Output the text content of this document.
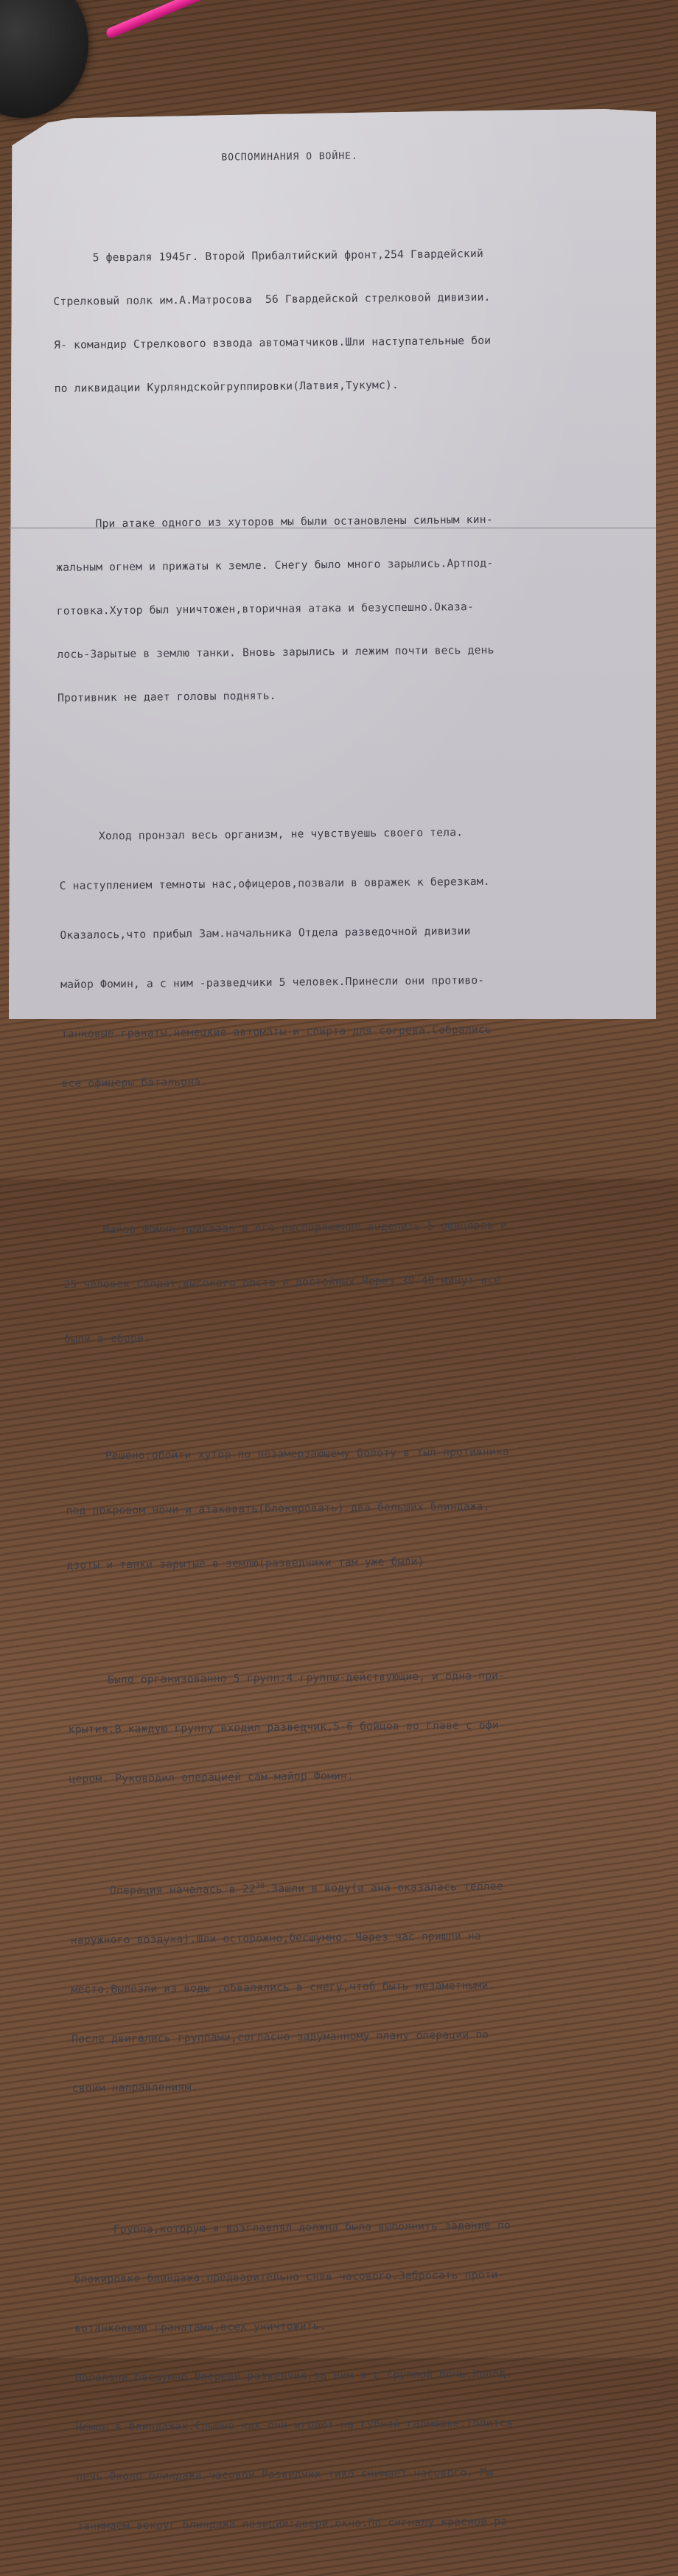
ВОСПОМИНАНИЯ О ВОЙНЕ.

5 февраля 1945г. Второй Прибалтийский фронт,254 Гвардейский

Стрелковый полк им.А.Матросова  56 Гвардейской стрелковой дивизии.

Я- командир Стрелкового взвода автоматчиков.Шли наступательные бои

по ликвидации Курляндскойгруппировки(Латвия,Тукумс).

При атаке одного из хуторов мы были остановлены сильным кин-

жальным огнем и прижаты к земле. Снегу было много зарылись.Артпод-

готовка.Хутор был уничтожен,вторичная атака и безуспешно.Оказа-

лось-Зарытые в землю танки. Вновь зарылись и лежим почти весь день

Противник не дает головы поднять.

Холод пронзал весь организм, не чувствуешь своего тела.

С наступлением темноты нас,офицеров,позвали в овражек к березкам.

Оказалось,что прибыл Зам.начальника Отдела разведочной дивизии

майор Фомин, а с ним -разведчики 5 человек.Принесли они противо-

танковые гранаты,немецкие автоматы и спирта для согрева.Собрались

все офицеры батальона.

Майор Фомин приказал в его распоряжение выделить 5 офицеров и

25 человек солдат,высокого роста и достойных.Через 30-40 минут все

были в сборе.

Решено:обойти хутор по незамерзающему болоту в тыл противника

под покровом ночи и атаковать(блокировать) два больших блиндажа,

дзоты и танки зарытые в землю(разведчики там уже были)

Было организованно 5 групп:4 группы-действующие, и одна-при-

крытия.В каждую группу входил разведчик,5-6 бойцов во главе с офи-

цером. Руководил операцией сам майор Фомин.

Операция началась в $22^{30}.Зашли$ в воду(а ана оказалась теплее

наружного воздуха).Шли осторожно,бесшумно. Через час пришли на

место.Вылезли из воды ,обвалялись в снегу,чтоб быть незаметными.

После двигались группами,согласно задуманному плану операции по

своим направлениям.

Группа,которую я возглавлял должна была выполнить задание по

блокировке блиндажа,предварительно сняв часового.Забросать проти-

вотанковыми гранатами,всех уничтожить.

Поползли,бесшумно.Впереди разведчик,за ним я с группой.Ночь.Холод.

Немцы в блиндажах.Слышно как они играют на губной гармошке.Топится

печь.Около блиндажа часовой.Разведчик тико снимает часового. Мы

занимаем вокруг блиндажа позиции:двери,окна.По сигналу красной ра
